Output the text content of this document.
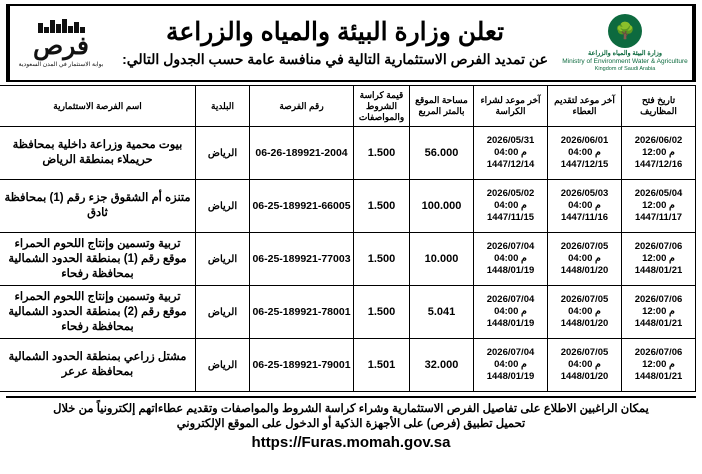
🌳
وزارة البيئة والمياه والزراعة
Ministry of Environment Water & Agriculture
Kingdom of Saudi Arabia
تعلن وزارة البيئة والمياه والزراعة
عن تمديد الفرص الاستثمارية التالية في منافسة عامة حسب الجدول التالي:
فرص
بوابة الاستثمار في المدن السعودية
تاريخ فتح المظاريف	آخر موعد لتقديم العطاء	آخر موعد لشراء الكراسة	مساحة الموقع بالمتر المربع	قيمة كراسة الشروط والمواصفات	رقم الفرصة	البلدية	اسم الفرصة الاستثمارية	

2026/06/02
12:00 م
1447/12/16	2026/06/01
04:00 م
1447/12/15	2026/05/31
04:00 م
1447/12/14	56.000	1.500	06-26-189921-2004	الرياض	بيوت محمية وزراعة داخلية بمحافظة حريملاء بمنطقة الرياض	

2026/05/04
12:00 م
1447/11/17	2026/05/03
04:00 م
1447/11/16	2026/05/02
04:00 م
1447/11/15	100.000	1.500	06-25-189921-66005	الرياض	متنزه أم الشقوق جزء رقم (1) بمحافظة ثادق	

2026/07/06
12:00 م
1448/01/21	2026/07/05
04:00 م
1448/01/20	2026/07/04
04:00 م
1448/01/19	10.000	1.500	06-25-189921-77003	الرياض	تربية وتسمين وإنتاج اللحوم الحمراء موقع رقم (1) بمنطقة الحدود الشمالية بمحافظة رفحاء	

2026/07/06
12:00 م
1448/01/21	2026/07/05
04:00 م
1448/01/20	2026/07/04
04:00 م
1448/01/19	5.041	1.500	06-25-189921-78001	الرياض	تربية وتسمين وإنتاج اللحوم الحمراء موقع رقم (2) بمنطقة الحدود الشمالية بمحافظة رفحاء	

2026/07/06
12:00 م
1448/01/21	2026/07/05
04:00 م
1448/01/20	2026/07/04
04:00 م
1448/01/19	32.000	1.501	06-25-189921-79001	الرياض	مشتل زراعي بمنطقة الحدود الشمالية بمحافظة عرعر	
يمكان الراغبين الاطلاع على تفاصيل الفرص الاستثمارية وشراء كراسة الشروط والمواصفات وتقديم عطاءاتهم إلكترونياً من خلال
تحميل تطبيق (فرص) على الأجهزة الذكية أو الدخول على الموقع الإلكتروني
https://Furas.momah.gov.sa
